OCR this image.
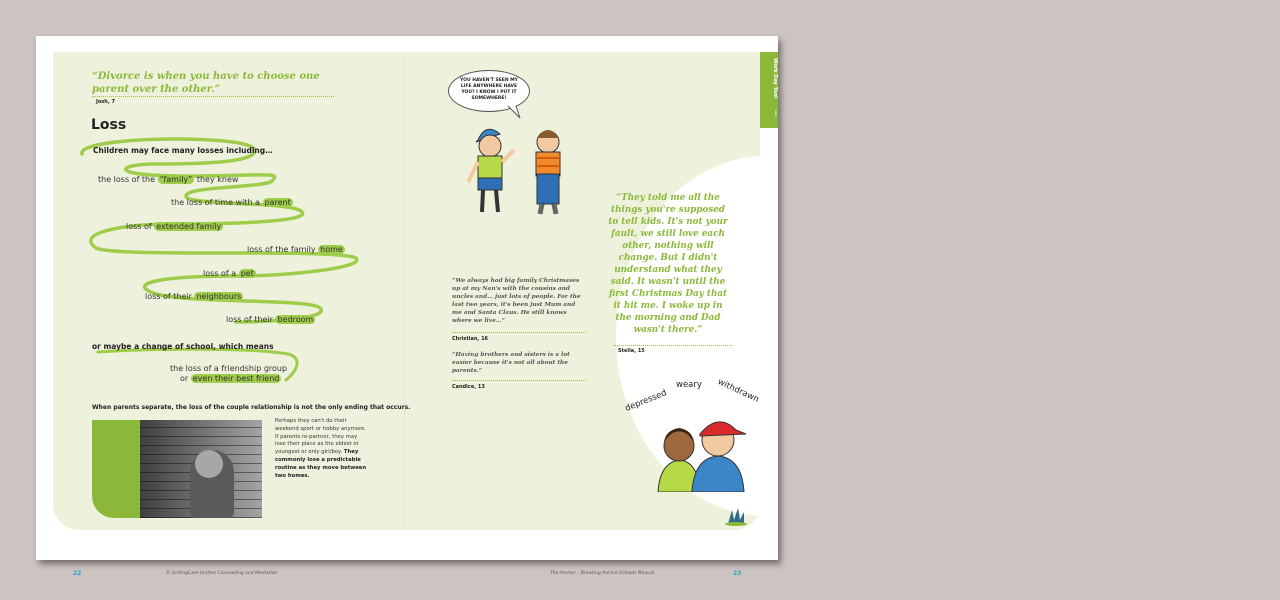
Work Day Tool
Loss
“Divorce is when you have to choose one parent over the other.”
Josh, 7
Loss
Children may face many losses including…
the loss of the “family” they knew
the loss of time with a parent
loss of extended family
loss of the family home
loss of a pet
loss of their neighbours
loss of their bedroom
or maybe a change of school, which means
the loss of a friendship group
or even their best friend
When parents separate, the loss of the couple relationship is not the only ending that occurs.
Perhaps they can't do their weekend sport or hobby anymore. If parents re-partner, they may lose their place as the eldest or youngest or only girl/boy. They commonly lose a predictable routine as they move between two homes.
22	© UnitingCare Unifam Counselling and Mediation
YOU HAVEN'T SEEN MY LIFE ANYWHERE HAVE YOU? I KNOW I PUT IT SOMEWHERE!
“We always had big family Christmases up at my Nan's with the cousins and uncles and… just lots of people. For the last two years, it's been just Mum and me and Santa Claus. He still knows where we live…”
Christian, 16
“Having brothers and sisters is a lot easier because it's not all about the parents.”
Candice, 13
“They told me all the things you're supposed to tell kids. It's not your fault, we still love each other, nothing will change. But I didn't understand what they said. It wasn't until the first Christmas Day that it hit me. I woke up in the morning and Dad wasn't there.”
Stella, 15
depressed
weary withdrawn
The Anchor – Breaking the Ice Schools Manual	23
